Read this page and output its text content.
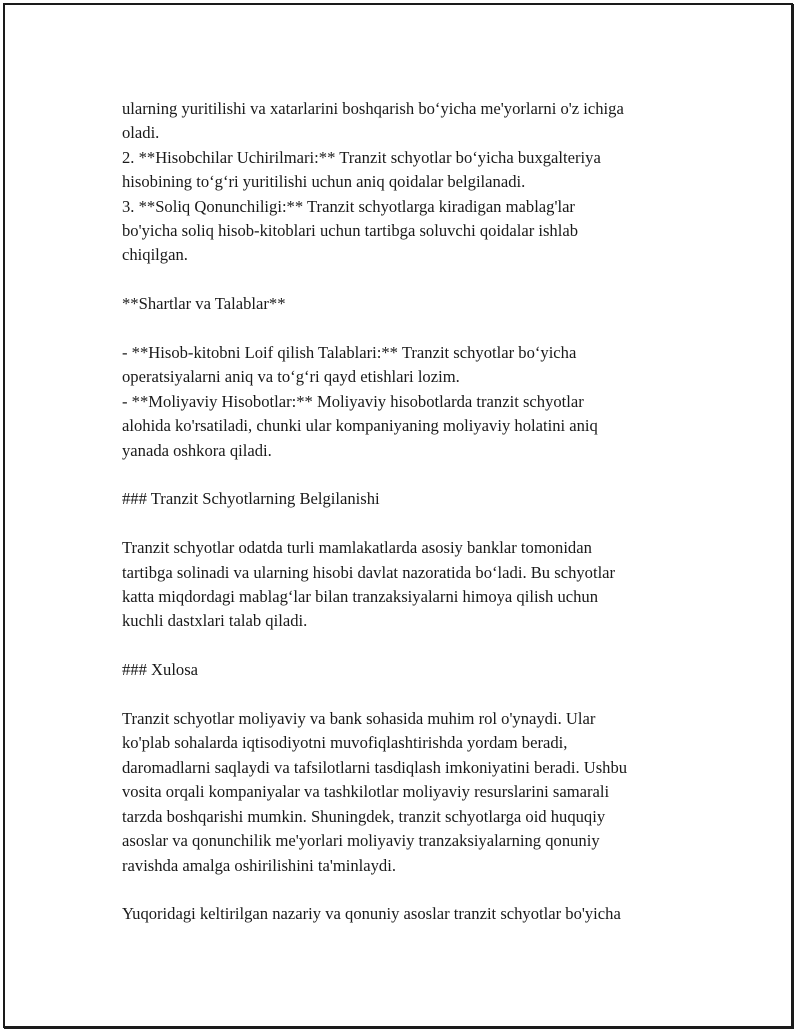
ularning yuritilishi va xatarlarini boshqarish bo‘yicha me'yorlarni o'z ichiga
oladi.
2. **Hisobchilar Uchirilmari:** Tranzit schyotlar bo‘yicha buxgalteriya
hisobining to‘g‘ri yuritilishi uchun aniq qoidalar belgilanadi.
3. **Soliq Qonunchiligi:** Tranzit schyotlarga kiradigan mablag'lar
bo'yicha soliq hisob-kitoblari uchun tartibga soluvchi qoidalar ishlab
chiqilgan.
**Shartlar va Talablar**
- **Hisob-kitobni Loif qilish Talablari:** Tranzit schyotlar bo‘yicha
operatsiyalarni aniq va to‘g‘ri qayd etishlari lozim.
- **Moliyaviy Hisobotlar:** Moliyaviy hisobotlarda tranzit schyotlar
alohida ko'rsatiladi, chunki ular kompaniyaning moliyaviy holatini aniq
yanada oshkora qiladi.
### Tranzit Schyotlarning Belgilanishi
Tranzit schyotlar odatda turli mamlakatlarda asosiy banklar tomonidan
tartibga solinadi va ularning hisobi davlat nazoratida bo‘ladi. Bu schyotlar
katta miqdordagi mablag‘lar bilan tranzaksiyalarni himoya qilish uchun
kuchli dastxlari talab qiladi.
### Xulosa
Tranzit schyotlar moliyaviy va bank sohasida muhim rol o'ynaydi. Ular
ko'plab sohalarda iqtisodiyotni muvofiqlashtirishda yordam beradi,
daromadlarni saqlaydi va tafsilotlarni tasdiqlash imkoniyatini beradi. Ushbu
vosita orqali kompaniyalar va tashkilotlar moliyaviy resurslarini samarali
tarzda boshqarishi mumkin. Shuningdek, tranzit schyotlarga oid huquqiy
asoslar va qonunchilik me'yorlari moliyaviy tranzaksiyalarning qonuniy
ravishda amalga oshirilishini ta'minlaydi.
Yuqoridagi keltirilgan nazariy va qonuniy asoslar tranzit schyotlar bo'yicha
